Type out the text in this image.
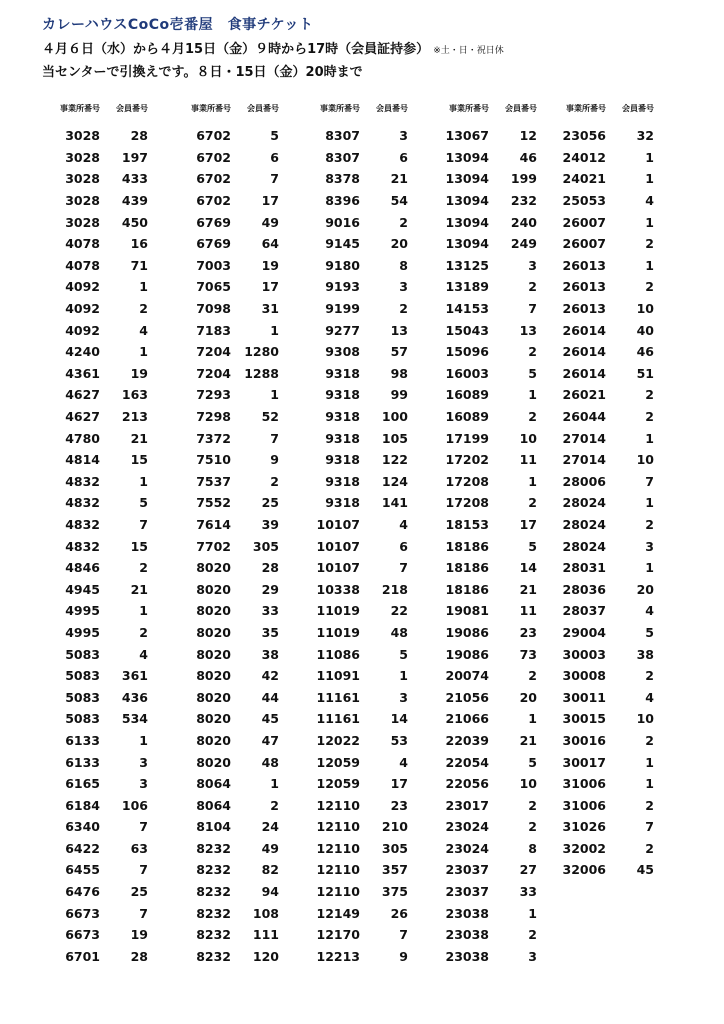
カレーハウスCoCo壱番屋　食事チケット
４月６日（水）から４月15日（金）９時から17時（会員証持参） ※土・日・祝日休
当センターで引換えです。８日・15日（金）20時まで
事業所番号	会員番号
3028	28
3028	197
3028	433
3028	439
3028	450
4078	16
4078	71
4092	1
4092	2
4092	4
4240	1
4361	19
4627	163
4627	213
4780	21
4814	15
4832	1
4832	5
4832	7
4832	15
4846	2
4945	21
4995	1
4995	2
5083	4
5083	361
5083	436
5083	534
6133	1
6133	3
6165	3
6184	106
6340	7
6422	63
6455	7
6476	25
6673	7
6673	19
6701	28
事業所番号	会員番号
6702	5
6702	6
6702	7
6702	17
6769	49
6769	64
7003	19
7065	17
7098	31
7183	1
7204	1280
7204	1288
7293	1
7298	52
7372	7
7510	9
7537	2
7552	25
7614	39
7702	305
8020	28
8020	29
8020	33
8020	35
8020	38
8020	42
8020	44
8020	45
8020	47
8020	48
8064	1
8064	2
8104	24
8232	49
8232	82
8232	94
8232	108
8232	111
8232	120
事業所番号	会員番号
8307	3
8307	6
8378	21
8396	54
9016	2
9145	20
9180	8
9193	3
9199	2
9277	13
9308	57
9318	98
9318	99
9318	100
9318	105
9318	122
9318	124
9318	141
10107	4
10107	6
10107	7
10338	218
11019	22
11019	48
11086	5
11091	1
11161	3
11161	14
12022	53
12059	4
12059	17
12110	23
12110	210
12110	305
12110	357
12110	375
12149	26
12170	7
12213	9
事業所番号	会員番号
13067	12
13094	46
13094	199
13094	232
13094	240
13094	249
13125	3
13189	2
14153	7
15043	13
15096	2
16003	5
16089	1
16089	2
17199	10
17202	11
17208	1
17208	2
18153	17
18186	5
18186	14
18186	21
19081	11
19086	23
19086	73
20074	2
21056	20
21066	1
22039	21
22054	5
22056	10
23017	2
23024	2
23024	8
23037	27
23037	33
23038	1
23038	2
23038	3
事業所番号	会員番号
23056	32
24012	1
24021	1
25053	4
26007	1
26007	2
26013	1
26013	2
26013	10
26014	40
26014	46
26014	51
26021	2
26044	2
27014	1
27014	10
28006	7
28024	1
28024	2
28024	3
28031	1
28036	20
28037	4
29004	5
30003	38
30008	2
30011	4
30015	10
30016	2
30017	1
31006	1
31006	2
31026	7
32002	2
32006	45
